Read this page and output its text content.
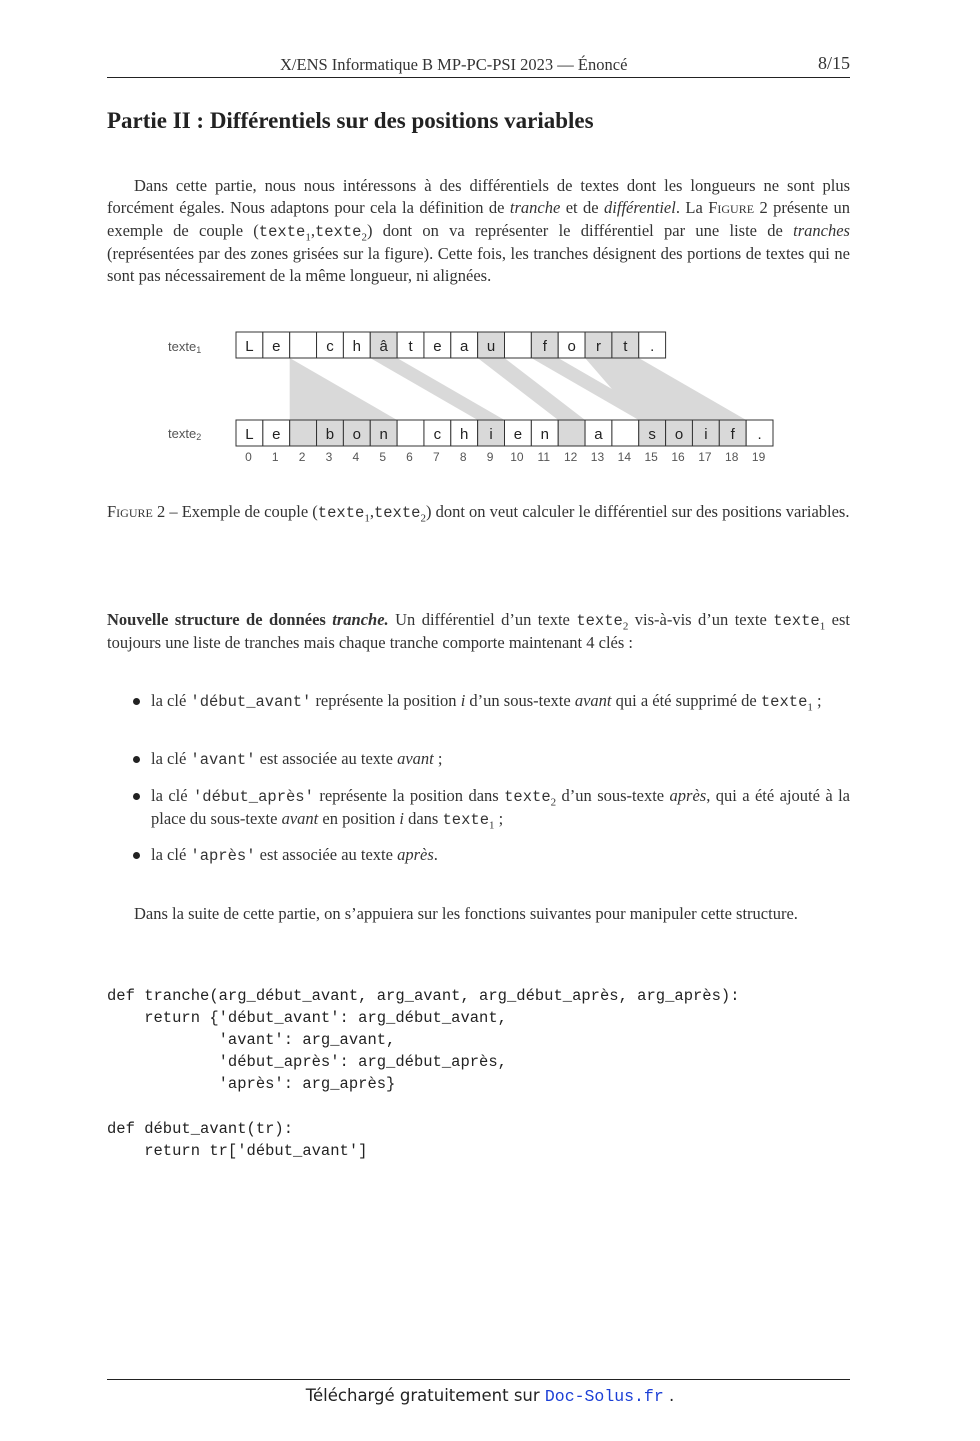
X/ENS Informatique B MP-PC-PSI 2023 — Énoncé	8/15
Partie II : Différentiels sur des positions variables
Dans cette partie, nous nous intéressons à des différentiels de textes dont les longueurs ne sont plus forcément égales. Nous adaptons pour cela la définition de tranche et de différentiel. La Figure 2 présente un exemple de couple (texte$_1$,texte$_2$) dont on va représenter le différentiel par une liste de tranches (représentées par des zones grisées sur la figure). Cette fois, les tranches désignent des portions de textes qui ne sont pas nécessairement de la même longueur, ni alignées.
L e	c h â t e a u	f o r t .
L e	b o n	c h i e n	a	s o i f .
0 1 2 3 4 5 6 7 8 9 10 11 12 13 14 15 16 17 18 19
texte1
texte2
Figure 2 – Exemple de couple (texte$_1$,texte$_2$) dont on veut calculer le différentiel sur des positions variables.
Nouvelle structure de données tranche. Un différentiel d’un texte texte$_2$ vis-à-vis d’un texte texte$_1$ est toujours une liste de tranches mais chaque tranche comporte maintenant 4 clés :
la clé 'début_avant' représente la position i d’un sous-texte avant qui a été supprimé de texte$_1$ ;
la clé 'avant' est associée au texte avant ;
la clé 'début_après' représente la position dans texte$_2$ d’un sous-texte après, qui a été ajouté à la place du sous-texte avant en position i dans texte$_1$ ;
la clé 'après' est associée au texte après.
Dans la suite de cette partie, on s’appuiera sur les fonctions suivantes pour manipuler cette structure.
def tranche(arg_début_avant, arg_avant, arg_début_après, arg_après):
return {'début_avant': arg_début_avant,
'avant': arg_avant,
'début_après': arg_début_après,
'après': arg_après}
def début_avant(tr):
return tr['début_avant']
Téléchargé gratuitement sur Doc-Solus.fr .
